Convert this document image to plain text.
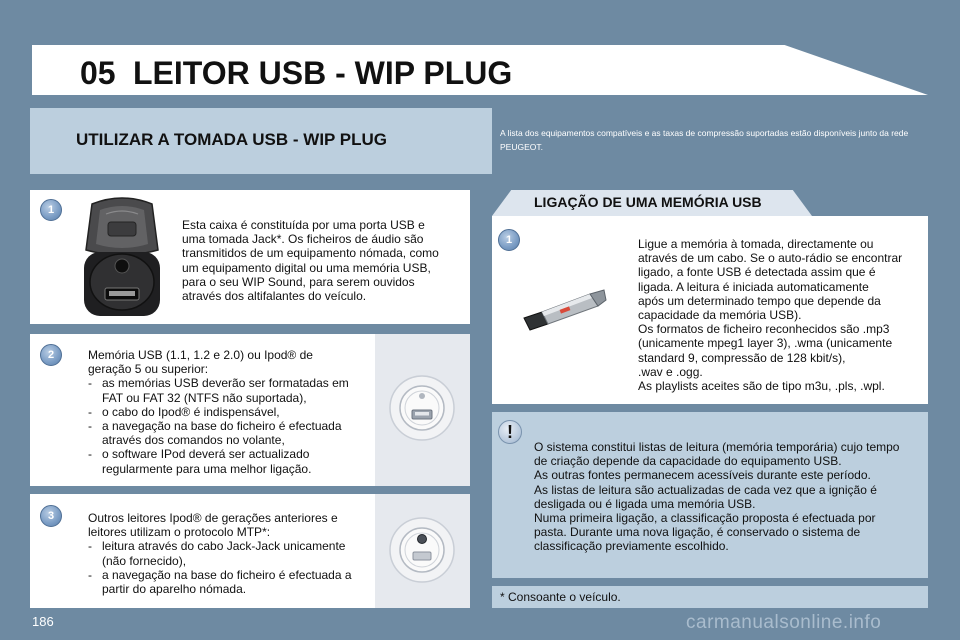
05 LEITOR USB - WIP PLUG
UTILIZAR A TOMADA USB - WIP PLUG	A lista dos equipamentos compatíveis e as taxas de compressão suportadas estão disponíveis junto da rede PEUGEOT.
1
Esta caixa é constituída por uma porta USB e
uma tomada Jack*. Os ficheiros de áudio são
transmitidos de um equipamento nómada, como
um equipamento digital ou uma memória USB,
para o seu WIP Sound, para serem ouvidos
através dos altifalantes do veículo.
2	Memória USB (1.1, 1.2 e 2.0) ou Ipod® de
geração 5 ou superior:
- as memórias USB deverão ser formatadas em
FAT ou FAT 32 (NTFS não suportada),
- o cabo do Ipod® é indispensável,
- a navegação na base do ficheiro é efectuada
através dos comandos no volante,
- o software IPod deverá ser actualizado
regularmente para uma melhor ligação.
3	Outros leitores Ipod® de gerações anteriores e
leitores utilizam o protocolo MTP*:
- leitura através do cabo Jack-Jack unicamente
(não fornecido),
- a navegação na base do ficheiro é efectuada a
partir do aparelho nómada.
LIGAÇÃO DE UMA MEMÓRIA USB
1	Ligue a memória à tomada, directamente ou
através de um cabo. Se o auto-rádio se encontrar
ligado, a fonte USB é detectada assim que é
ligada. A leitura é iniciada automaticamente
após um determinado tempo que depende da
capacidade da memória USB).
Os formatos de ficheiro reconhecidos são .mp3
(unicamente mpeg1 layer 3), .wma (unicamente
standard 9, compressão de 128 kbit/s),
.wav e .ogg.
As playlists aceites são de tipo m3u, .pls, .wpl.
!
O sistema constitui listas de leitura (memória temporária) cujo tempo
de criação depende da capacidade do equipamento USB.
As outras fontes permanecem acessíveis durante este período.
As listas de leitura são actualizadas de cada vez que a ignição é
desligada ou é ligada uma memória USB.
Numa primeira ligação, a classificação proposta é efectuada por
pasta. Durante uma nova ligação, é conservado o sistema de
classificação previamente escolhido.
* Consoante o veículo.
186	carmanualsonline.info
